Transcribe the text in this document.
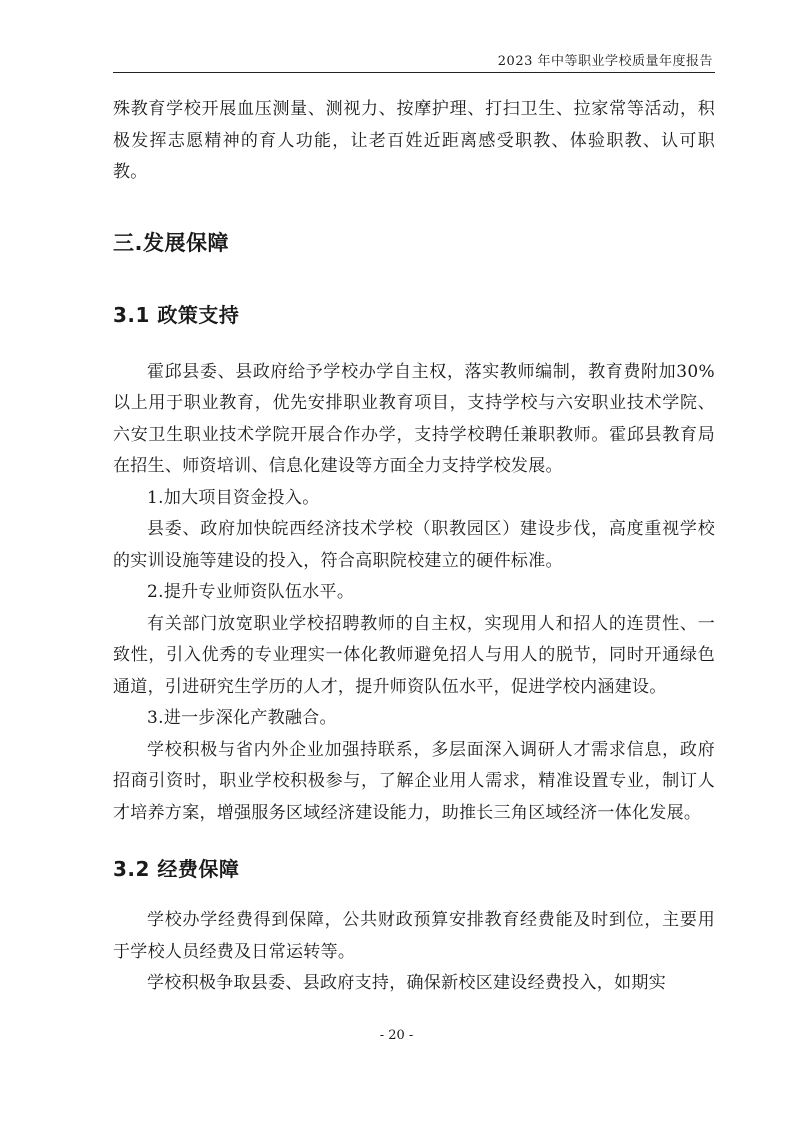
2023 年中等职业学校质量年度报告

殊教育学校开展血压测量、测视力、按摩护理、打扫卫生、拉家常等活动，积极发挥志愿精神的育人功能，让老百姓近距离感受职教、体验职教、认可职教。

三.发展保障
3.1 政策支持

霍邱县委、县政府给予学校办学自主权，落实教师编制，教育费附加30%以上用于职业教育，优先安排职业教育项目，支持学校与六安职业技术学院、六安卫生职业技术学院开展合作办学，支持学校聘任兼职教师。霍邱县教育局在招生、师资培训、信息化建设等方面全力支持学校发展。

1.加大项目资金投入。

县委、政府加快皖西经济技术学校（职教园区）建设步伐，高度重视学校的实训设施等建设的投入，符合高职院校建立的硬件标准。

2.提升专业师资队伍水平。

有关部门放宽职业学校招聘教师的自主权，实现用人和招人的连贯性、一致性，引入优秀的专业理实一体化教师避免招人与用人的脱节，同时开通绿色通道，引进研究生学历的人才，提升师资队伍水平，促进学校内涵建设。

3.进一步深化产教融合。

学校积极与省内外企业加强持联系，多层面深入调研人才需求信息，政府招商引资时，职业学校积极参与，了解企业用人需求，精准设置专业，制订人才培养方案，增强服务区域经济建设能力，助推长三角区域经济一体化发展。

3.2 经费保障

学校办学经费得到保障，公共财政预算安排教育经费能及时到位，主要用于学校人员经费及日常运转等。

学校积极争取县委、县政府支持，确保新校区建设经费投入，如期实

- 20 -
